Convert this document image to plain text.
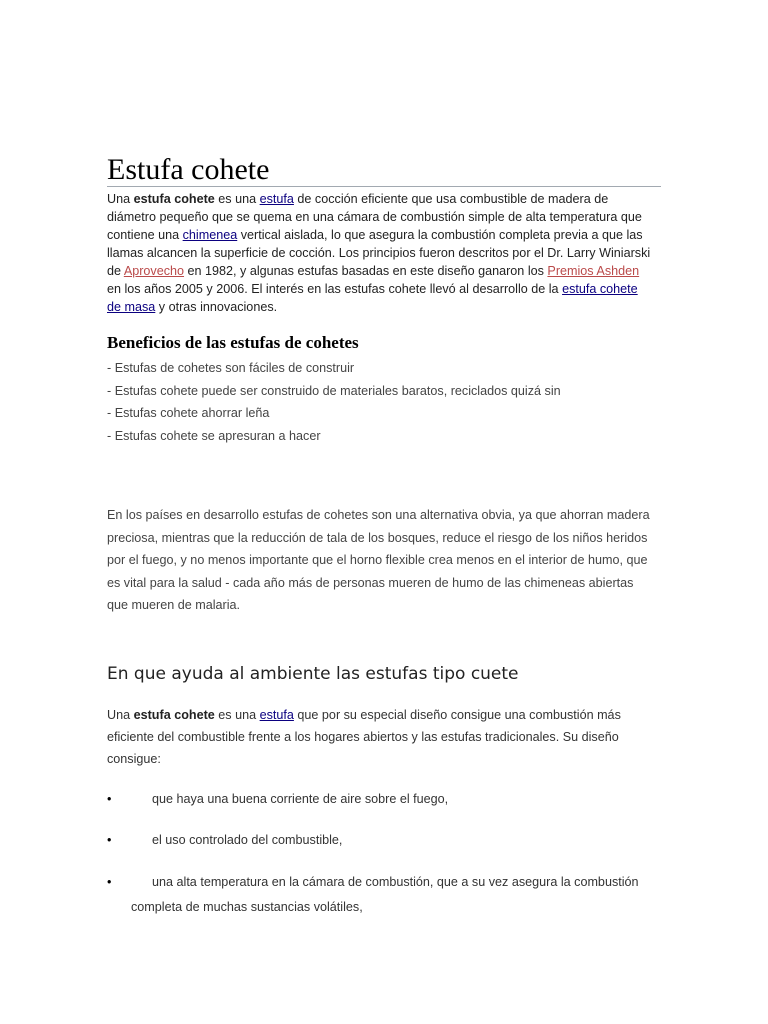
Estufa cohete

Una estufa cohete es una estufa de cocción eficiente que usa combustible de madera de diámetro pequeño que se quema en una cámara de combustión simple de alta temperatura que contiene una chimenea vertical aislada, lo que asegura la combustión completa previa a que las llamas alcancen la superficie de cocción. Los principios fueron descritos por el Dr. Larry Winiarski de Aprovecho en 1982, y algunas estufas basadas en este diseño ganaron los Premios Ashden en los años 2005 y 2006. El interés en las estufas cohete llevó al desarrollo de la estufa cohete de masa y otras innovaciones.

Beneficios de las estufas de cohetes
- Estufas de cohetes son fáciles de construir
- Estufas cohete puede ser construido de materiales baratos, reciclados quizá sin
- Estufas cohete ahorrar leña
- Estufas cohete se apresuran a hacer

En los países en desarrollo estufas de cohetes son una alternativa obvia, ya que ahorran madera preciosa, mientras que la reducción de tala de los bosques, reduce el riesgo de los niños heridos por el fuego, y no menos importante que el horno flexible crea menos en el interior de humo, que es vital para la salud - cada año más de personas mueren de humo de las chimeneas abiertas que mueren de malaria.

En que ayuda al ambiente las estufas tipo cuete

Una estufa cohete es una estufa que por su especial diseño consigue una combustión más eficiente del combustible frente a los hogares abiertos y las estufas tradicionales. Su diseño consigue:

•	que haya una buena corriente de aire sobre el fuego,
•	el uso controlado del combustible,
•	una alta temperatura en la cámara de combustión, que a su vez asegura la combustión completa de muchas sustancias volátiles,
